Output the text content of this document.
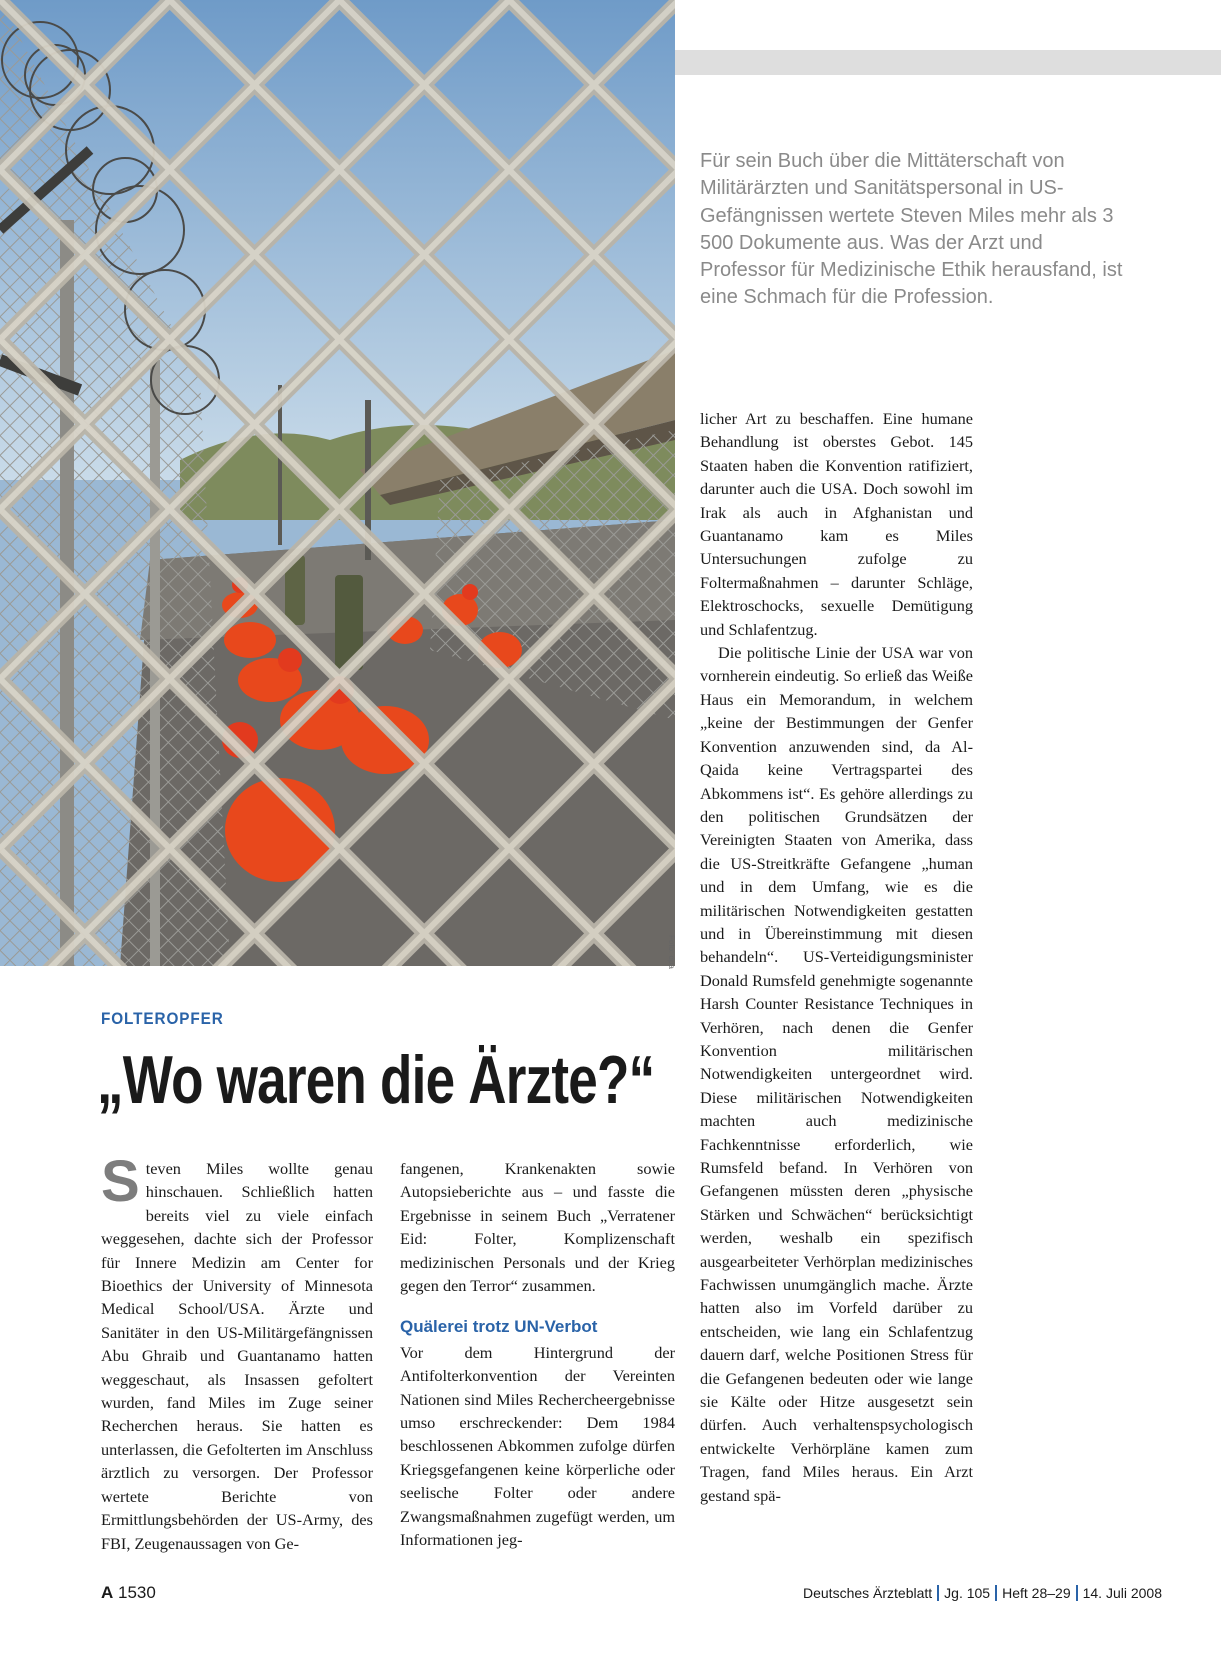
Foto: dpa

Für sein Buch über die Mittäterschaft von Militärärzten und Sanitätspersonal in US-Gefängnissen wertete Steven Miles mehr als 3 500 Dokumente aus. Was der Arzt und Professor für Medizinische Ethik herausfand, ist eine Schmach für die Profession.

FOLTEROPFER
„Wo waren die Ärzte?“

Steven Miles wollte genau hinschauen. Schließlich hatten bereits viel zu viele einfach weggesehen, dachte sich der Professor für Innere Medizin am Center for Bioethics der University of Minnesota Medical School/USA. Ärzte und Sanitäter in den US-Militärgefängnissen Abu Ghraib und Guantanamo hatten weggeschaut, als Insassen gefoltert wurden, fand Miles im Zuge seiner Recherchen heraus. Sie hatten es unterlassen, die Gefolterten im Anschluss ärztlich zu versorgen. Der Professor wertete Berichte von Ermittlungsbehörden der US-Army, des FBI, Zeugenaussagen von Ge-

fangenen, Krankenakten sowie Autopsieberichte aus – und fasste die Ergebnisse in seinem Buch „Verratener Eid: Folter, Komplizenschaft medizinischen Personals und der Krieg gegen den Terror“ zusammen.

Quälerei trotz UN-Verbot

Vor dem Hintergrund der Antifolterkonvention der Vereinten Nationen sind Miles Rechercheergebnisse umso erschreckender: Dem 1984 beschlossenen Abkommen zufolge dürfen Kriegsgefangenen keine körperliche oder seelische Folter oder andere Zwangsmaßnahmen zugefügt werden, um Informationen jeg-

licher Art zu beschaffen. Eine humane Behandlung ist oberstes Gebot. 145 Staaten haben die Konvention ratifiziert, darunter auch die USA. Doch sowohl im Irak als auch in Afghanistan und Guantanamo kam es Miles Untersuchungen zufolge zu Foltermaßnahmen – darunter Schläge, Elektroschocks, sexuelle Demütigung und Schlafentzug.

Die politische Linie der USA war von vornherein eindeutig. So erließ das Weiße Haus ein Memorandum, in welchem „keine der Bestimmungen der Genfer Konvention anzuwenden sind, da Al-Qaida keine Vertragspartei des Abkommens ist“. Es gehöre allerdings zu den politischen Grundsätzen der Vereinigten Staaten von Amerika, dass die US-Streitkräfte Gefangene „human und in dem Umfang, wie es die militärischen Notwendigkeiten gestatten und in Übereinstimmung mit diesen behandeln“. US-Verteidigungsminister Donald Rumsfeld genehmigte sogenannte Harsh Counter Resistance Techniques in Verhören, nach denen die Genfer Konvention militärischen Notwendigkeiten untergeordnet wird. Diese militärischen Notwendigkeiten machten auch medizinische Fachkenntnisse erforderlich, wie Rumsfeld befand. In Verhören von Gefangenen müssten deren „physische Stärken und Schwächen“ berücksichtigt werden, weshalb ein spezifisch ausgearbeiteter Verhörplan medizinisches Fachwissen unumgänglich mache. Ärzte hatten also im Vorfeld darüber zu entscheiden, wie lang ein Schlafentzug dauern darf, welche Positionen Stress für die Gefangenen bedeuten oder wie lange sie Kälte oder Hitze ausgesetzt sein dürfen. Auch verhaltenspsychologisch entwickelte Verhörpläne kamen zum Tragen, fand Miles heraus. Ein Arzt gestand spä-

A 1530	Deutsches Ärzteblatt Jg. 105 Heft 28–29 14. Juli 2008
